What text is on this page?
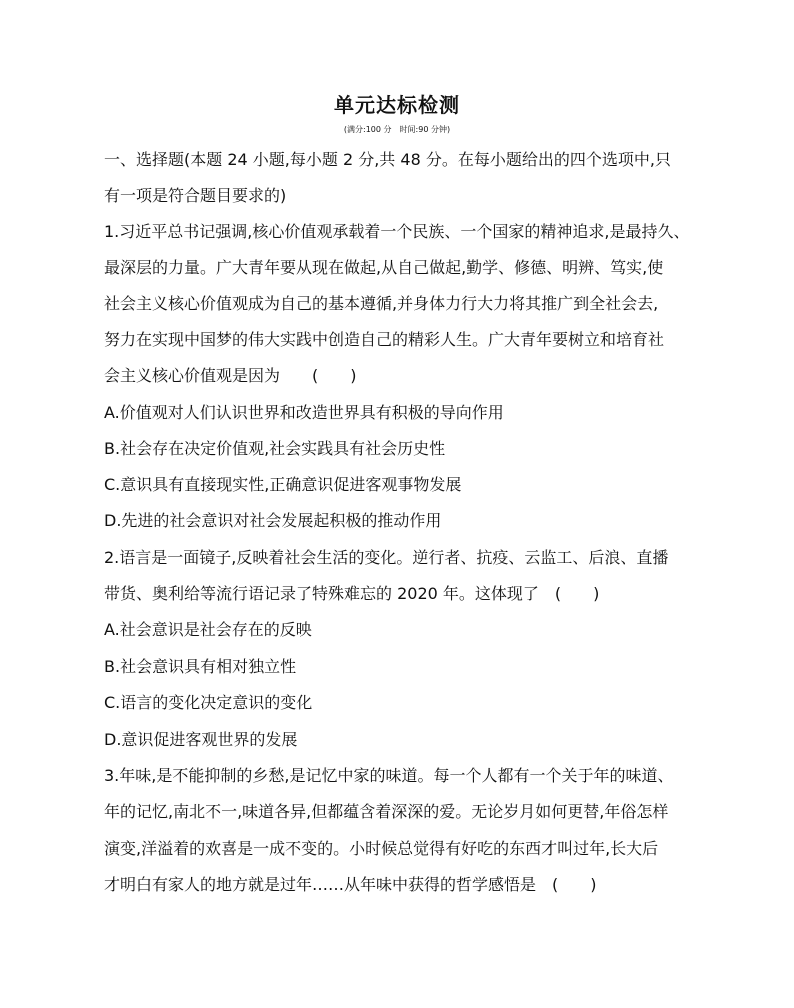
单元达标检测
(满分:100 分　时间:90 分钟)
一、选择题(本题 24 小题,每小题 2 分,共 48 分。在每小题给出的四个选项中,只
有一项是符合题目要求的)
1.习近平总书记强调,核心价值观承载着一个民族、一个国家的精神追求,是最持久、
最深层的力量。广大青年要从现在做起,从自己做起,勤学、修德、明辨、笃实,使
社会主义核心价值观成为自己的基本遵循,并身体力行大力将其推广到全社会去,
努力在实现中国梦的伟大实践中创造自己的精彩人生。广大青年要树立和培育社
会主义核心价值观是因为　　(　　)
A.价值观对人们认识世界和改造世界具有积极的导向作用
B.社会存在决定价值观,社会实践具有社会历史性
C.意识具有直接现实性,正确意识促进客观事物发展
D.先进的社会意识对社会发展起积极的推动作用
2.语言是一面镜子,反映着社会生活的变化。逆行者、抗疫、云监工、后浪、直播
带货、奥利给等流行语记录了特殊难忘的 2020 年。这体现了　(　　)
A.社会意识是社会存在的反映
B.社会意识具有相对独立性
C.语言的变化决定意识的变化
D.意识促进客观世界的发展
3.年味,是不能抑制的乡愁,是记忆中家的味道。每一个人都有一个关于年的味道、
年的记忆,南北不一,味道各异,但都蕴含着深深的爱。无论岁月如何更替,年俗怎样
演变,洋溢着的欢喜是一成不变的。小时候总觉得有好吃的东西才叫过年,长大后
才明白有家人的地方就是过年……从年味中获得的哲学感悟是　(　　)
